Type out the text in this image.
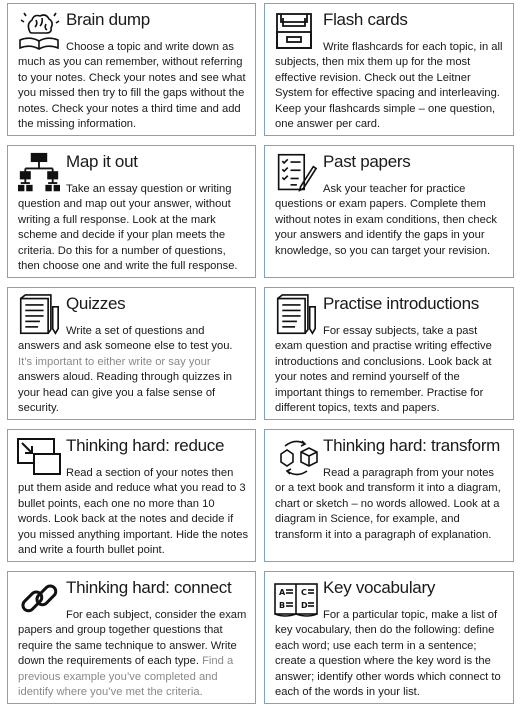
Brain dump

Choose a topic and write down as much as you can remember, without referring to your notes. Check your notes and see what you missed then try to fill the gaps without the notes. Check your notes a third time and add the missing information.

Flash cards

Write flashcards for each topic, in all subjects, then mix them up for the most effective revision. Check out the Leitner System for effective spacing and interleaving. Keep your flashcards simple – one question, one answer per card.

Map it out

Take an essay question or writing question and map out your answer, without writing a full response. Look at the mark scheme and decide if your plan meets the criteria. Do this for a number of questions, then choose one and write the full response.

Past papers

Ask your teacher for practice questions or exam papers. Complete them without notes in exam conditions, then check your answers and identify the gaps in your knowledge, so you can target your revision.

Quizzes

Write a set of questions and answers and ask someone else to test you. It’s important to either write or say your answers aloud. Reading through quizzes in your head can give you a false sense of security.

Practise introductions

For essay subjects, take a past exam question and practise writing effective introductions and conclusions. Look back at your notes and remind yourself of the important things to remember. Practise for different topics, texts and papers.

Thinking hard: reduce

Read a section of your notes then put them aside and reduce what you read to 3 bullet points, each one no more than 10 words. Look back at the notes and decide if you missed anything important. Hide the notes and write a fourth bullet point.

Thinking hard: transform

Read a paragraph from your notes or a text book and transform it into a diagram, chart or sketch – no words allowed. Look at a diagram in Science, for example, and transform it into a paragraph of explanation.

Thinking hard: connect

For each subject, consider the exam papers and group together questions that require the same technique to answer. Write down the requirements of each type. Find a previous example you’ve completed and identify where you’ve met the criteria.

A
B
C
D
Key vocabulary

For a particular topic, make a list of key vocabulary, then do the following: define each word; use each term in a sentence; create a question where the key word is the answer; identify other words which connect to each of the words in your list.
